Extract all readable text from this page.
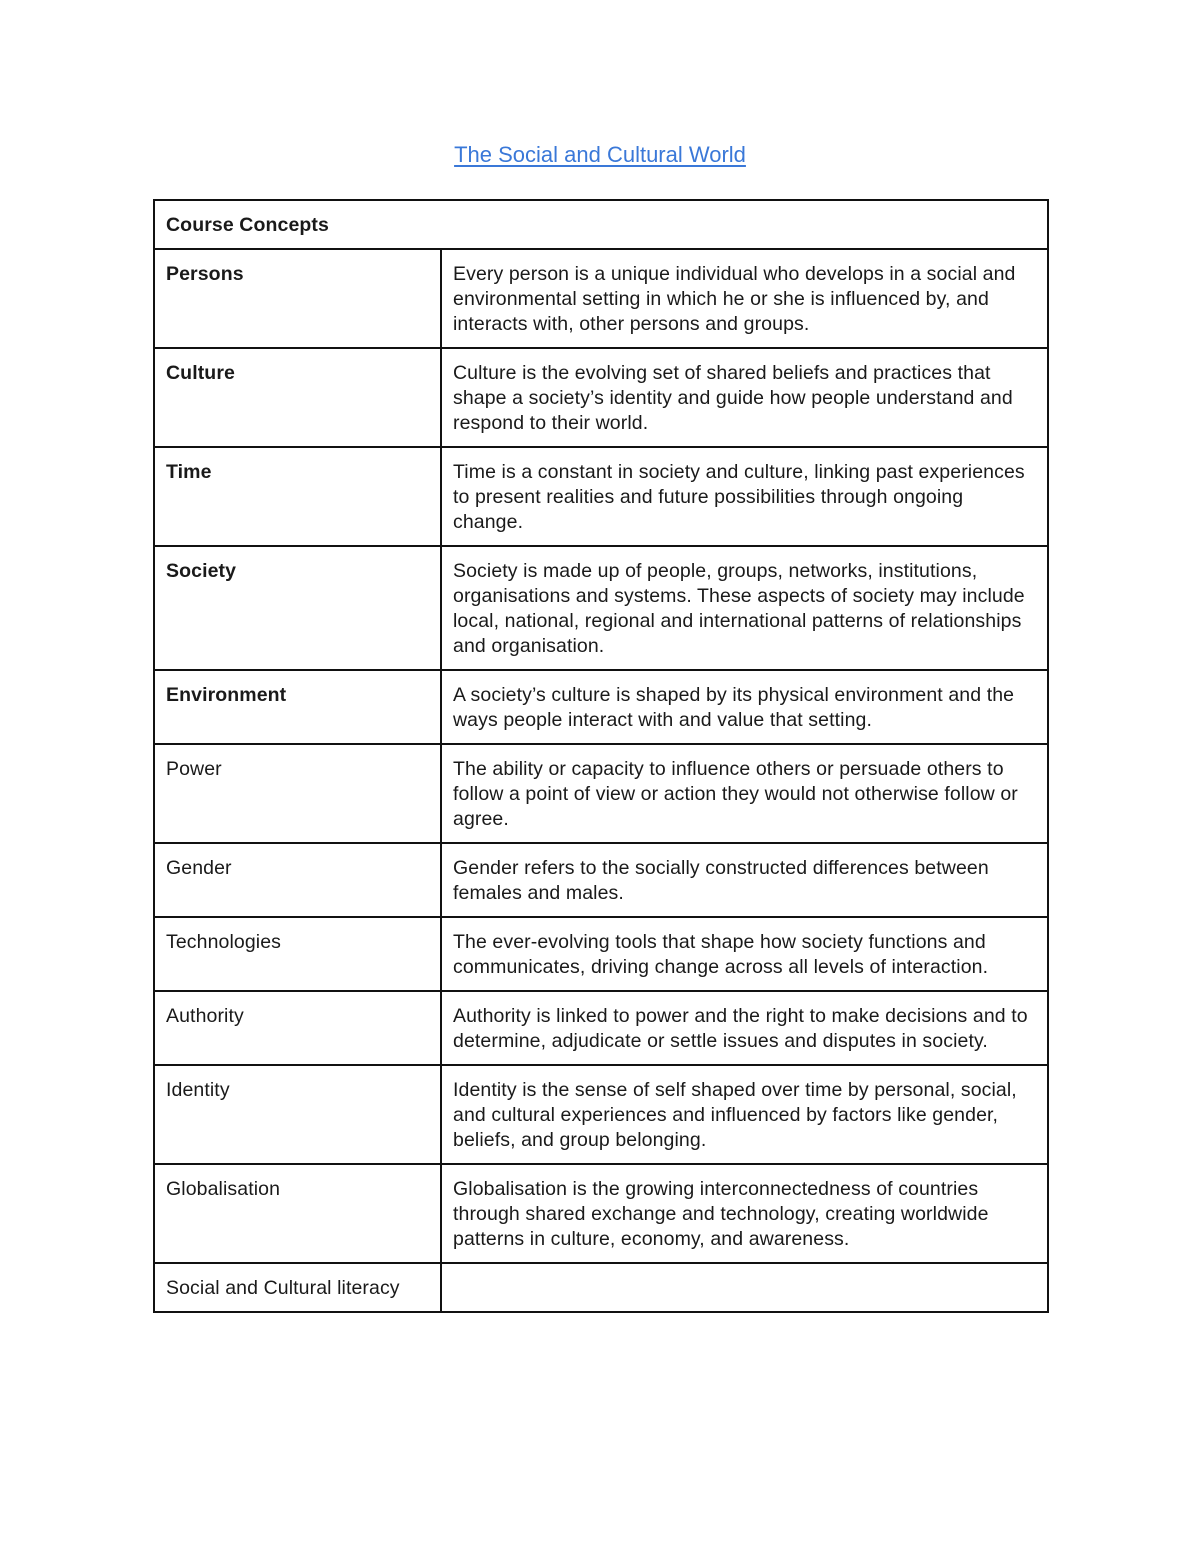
The Social and Cultural World
Course Concepts	
Persons	Every person is a unique individual who develops in a social and environmental setting in which he or she is influenced by, and interacts with, other persons and groups.
Culture	Culture is the evolving set of shared beliefs and practices that shape a society’s identity and guide how people understand and respond to their world.
Time	Time is a constant in society and culture, linking past experiences to present realities and future possibilities through ongoing change.
Society	Society is made up of people, groups, networks, institutions, organisations and systems. These aspects of society may include local, national, regional and international patterns of relationships and organisation.
Environment	A society’s culture is shaped by its physical environment and the ways people interact with and value that setting.
Power	The ability or capacity to influence others or persuade others to follow a point of view or action they would not otherwise follow or agree.
Gender	Gender refers to the socially constructed differences between females and males.
Technologies	The ever-evolving tools that shape how society functions and communicates, driving change across all levels of interaction.
Authority	Authority is linked to power and the right to make decisions and to determine, adjudicate or settle issues and disputes in society.
Identity	Identity is the sense of self shaped over time by personal, social, and cultural experiences and influenced by factors like gender, beliefs, and group belonging.
Globalisation	Globalisation is the growing interconnectedness of countries through shared exchange and technology, creating worldwide patterns in culture, economy, and awareness.
Social and Cultural literacy	
